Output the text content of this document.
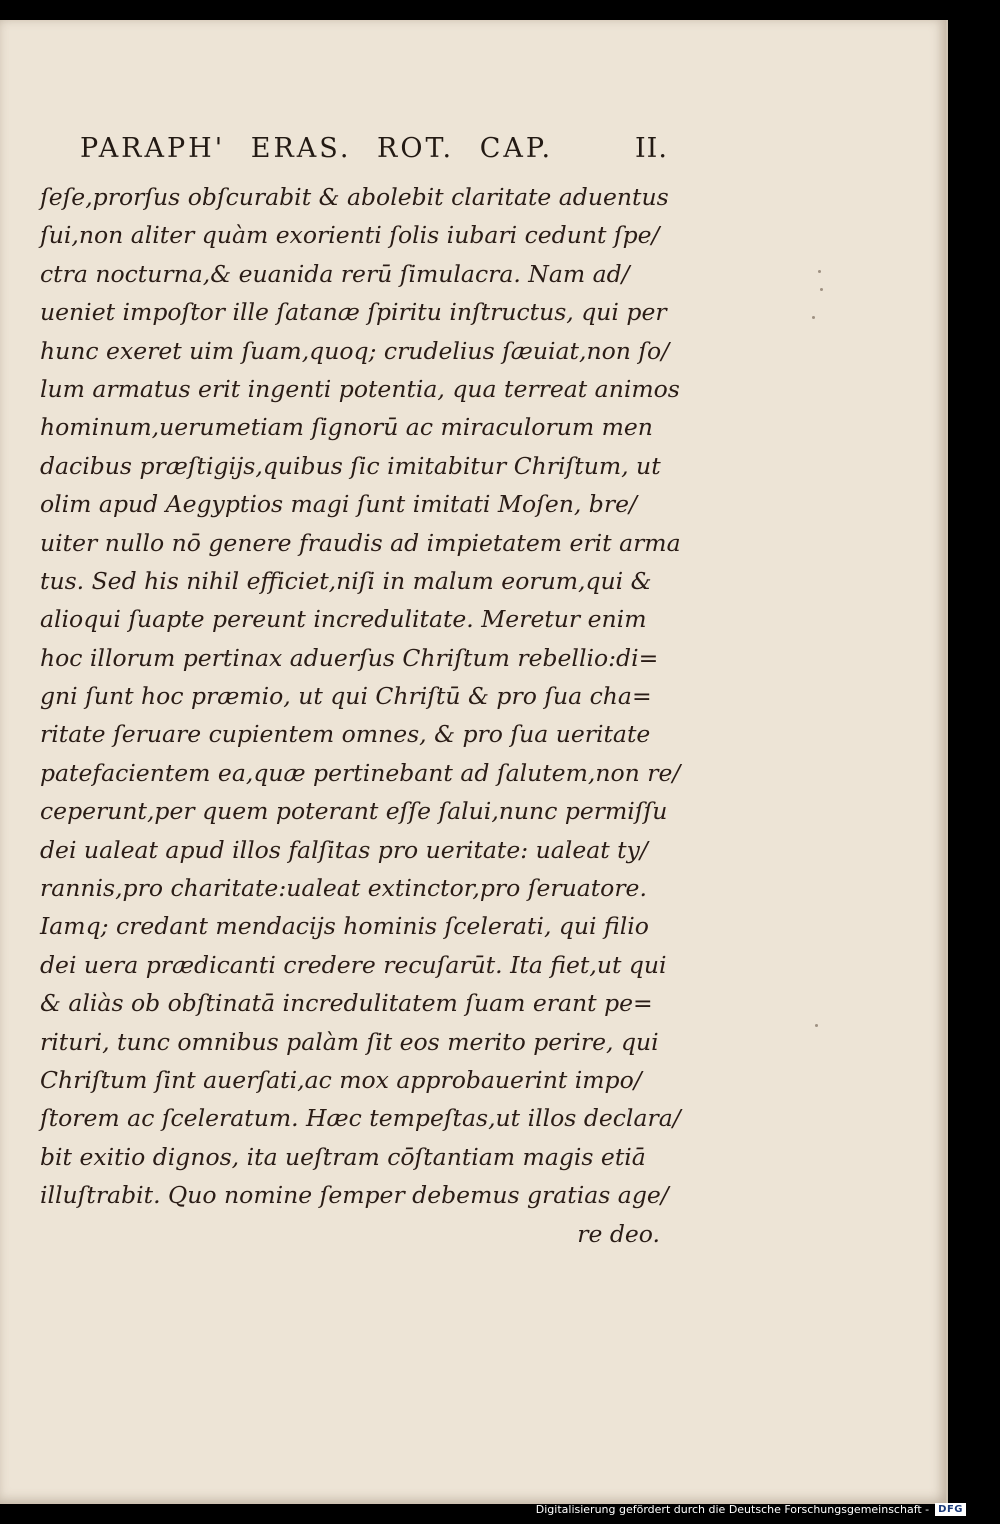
PARAPH' ERAS. ROT. CAP.	II.
ſeſe,prorſus obſcurabit & abolebit claritate aduentus
ſui,non aliter quàm exorienti ſolis iubari cedunt ſpe/
ctra nocturna,& euanida rerū ſimulacra. Nam ad/
ueniet impoſtor ille ſatanæ ſpiritu inſtructus, qui per
hunc exeret uim ſuam,quoq; crudelius ſæuiat,non ſo/
lum armatus erit ingenti potentia, qua terreat animos
hominum,uerumetiam ſignorū ac miraculorum men
dacibus præſtigijs,quibus ſic imitabitur Chriſtum, ut
olim apud Aegyptios magi ſunt imitati Moſen, bre/
uiter nullo nō genere fraudis ad impietatem erit arma
tus. Sed his nihil efficiet,niſi in malum eorum,qui &
alioqui ſuapte pereunt incredulitate. Meretur enim
hoc illorum pertinax aduerſus Chriſtum rebellio:di=
gni ſunt hoc præmio, ut qui Chriſtū & pro ſua cha=
ritate ſeruare cupientem omnes, & pro ſua ueritate
patefacientem ea,quæ pertinebant ad ſalutem,non re/
ceperunt,per quem poterant eſſe ſalui,nunc permiſſu
dei ualeat apud illos falſitas pro ueritate: ualeat ty/
rannis,pro charitate:ualeat extinctor,pro ſeruatore.
Iamq; credant mendacijs hominis ſcelerati, qui filio
dei uera prædicanti credere recuſarūt. Ita fiet,ut qui
& aliàs ob obſtinatā incredulitatem ſuam erant pe=
rituri, tunc omnibus palàm ſit eos merito perire, qui
Chriſtum ſint auerſati,ac mox approbauerint impo/
ſtorem ac ſceleratum. Hæc tempeſtas,ut illos declara/
bit exitio dignos, ita ueſtram cōſtantiam magis etiā
illuſtrabit. Quo nomine ſemper debemus gratias age/
re deo.
Digitalisierung gefördert durch die Deutsche Forschungsgemeinschaft - DFG
